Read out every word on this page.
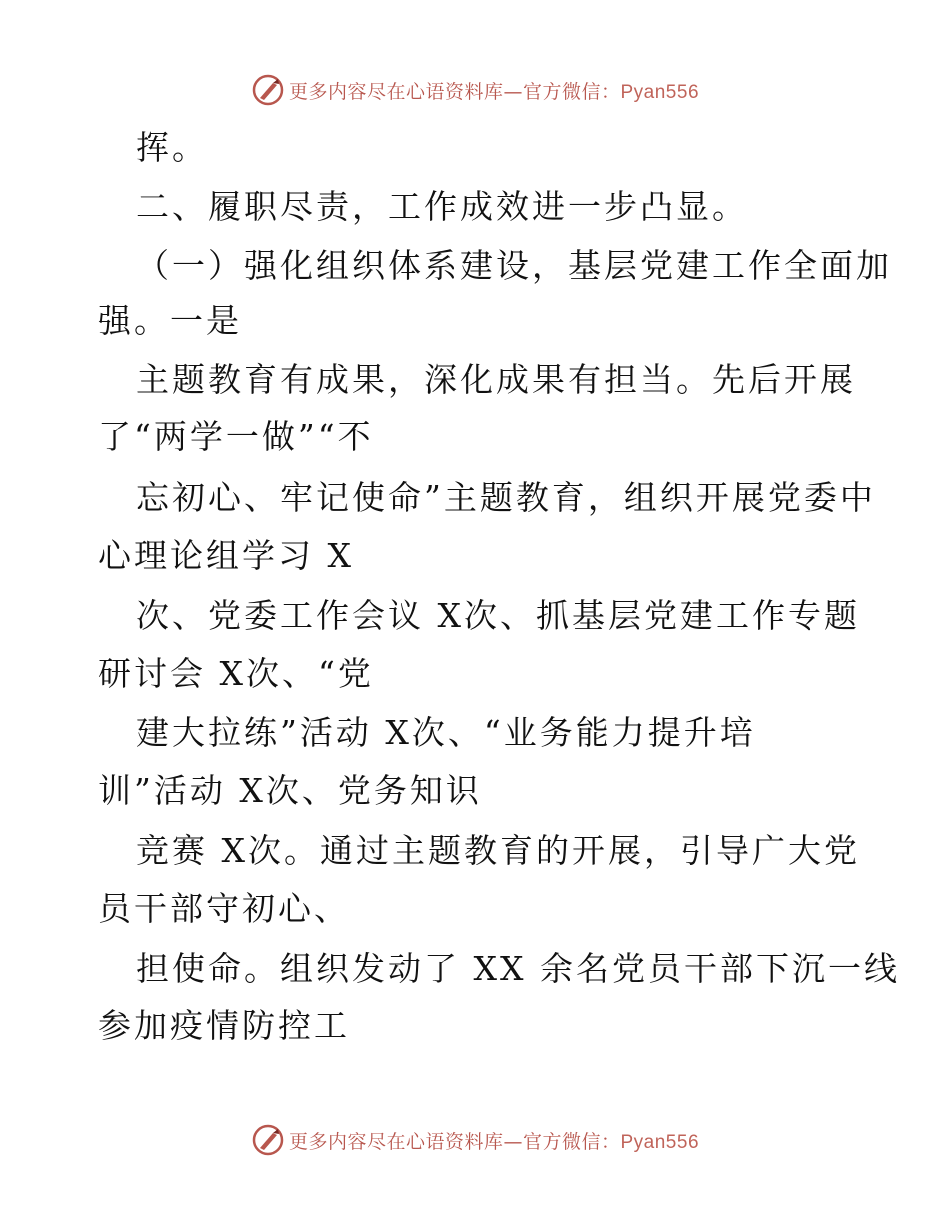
更多内容尽在心语资料库—官方微信：Pyan556
挥。
二、履职尽责，工作成效进一步凸显。
（一）强化组织体系建设，基层党建工作全面加
强。一是
主题教育有成果，深化成果有担当。先后开展
了“两学一做”“不
忘初心、牢记使命”主题教育，组织开展党委中
心理论组学习 X
次、党委工作会议 X次、抓基层党建工作专题
研讨会 X次、“党
建大拉练”活动 X次、“业务能力提升培
训”活动 X次、党务知识
竞赛 X次。通过主题教育的开展，引导广大党
员干部守初心、
担使命。组织发动了 XX 余名党员干部下沉一线
参加疫情防控工
更多内容尽在心语资料库—官方微信：Pyan556
